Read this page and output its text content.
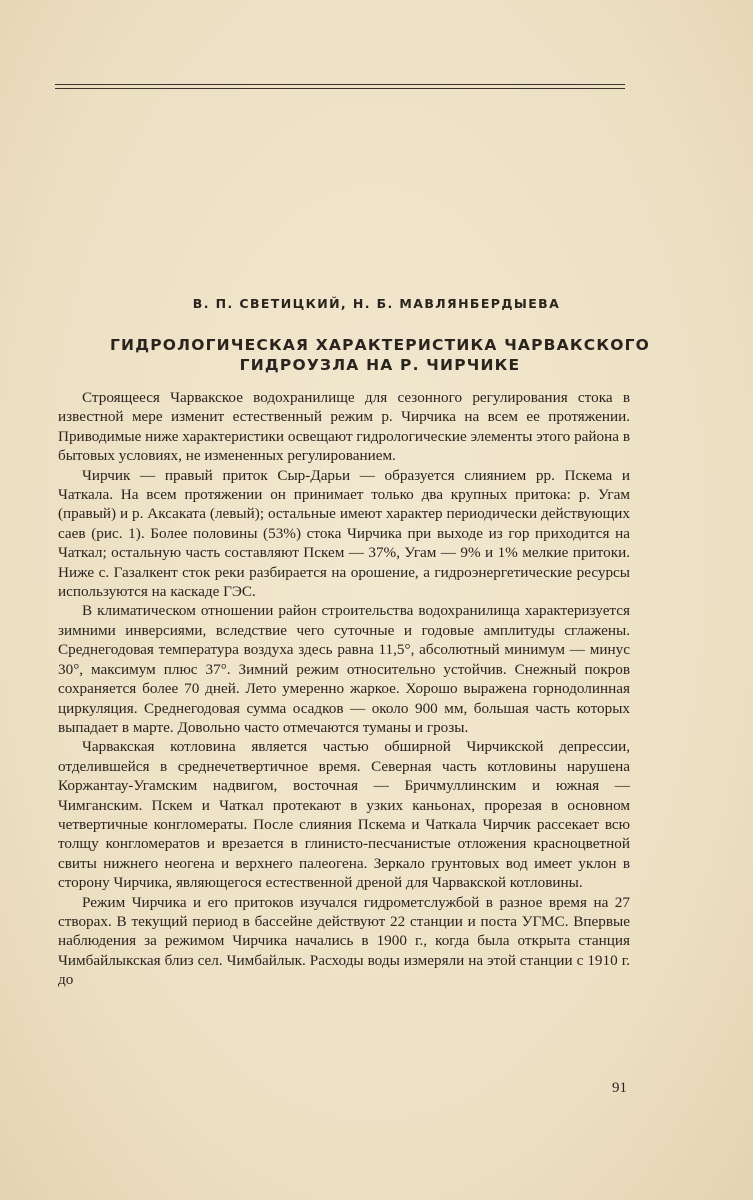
В. П. СВЕТИЦКИЙ, Н. Б. МАВЛЯНБЕРДЫЕВА
ГИДРОЛОГИЧЕСКАЯ ХАРАКТЕРИСТИКА ЧАРВАКСКОГО
ГИДРОУЗЛА НА Р. ЧИРЧИКЕ

Строящееся Чарвакское водохранилище для сезонного регулирования стока в известной мере изменит естественный режим р. Чирчика на всем ее протяжении. Приводимые ниже характеристики освещают гидрологические элементы этого района в бытовых условиях, не измененных регулированием.

Чирчик — правый приток Сыр-Дарьи — образуется слиянием рр. Пскема и Чаткала. На всем протяжении он принимает только два крупных притока: р. Угам (правый) и р. Аксаката (левый); остальные имеют характер периодически действующих саев (рис. 1). Более половины (53%) стока Чирчика при выходе из гор приходится на Чаткал; остальную часть составляют Пскем — 37%, Угам — 9% и 1% мелкие притоки. Ниже с. Газалкент сток реки разбирается на орошение, а гидроэнергетические ресурсы используются на каскаде ГЭС.

В климатическом отношении район строительства водохранилища характеризуется зимними инверсиями, вследствие чего суточные и годовые амплитуды сглажены. Среднегодовая температура воздуха здесь равна 11,5°, абсолютный минимум — минус 30°, максимум плюс 37°. Зимний режим относительно устойчив. Снежный покров сохраняется более 70 дней. Лето умеренно жаркое. Хорошо выражена горнодолинная циркуляция. Среднегодовая сумма осадков — около 900 мм, большая часть которых выпадает в марте. Довольно часто отмечаются туманы и грозы.

Чарвакская котловина является частью обширной Чирчикской депрессии, отделившейся в среднечетвертичное время. Северная часть котловины нарушена Коржантау-Угамским надвигом, восточная — Бричмуллинским и южная — Чимганским. Пскем и Чаткал протекают в узких каньонах, прорезая в основном четвертичные конгломераты. После слияния Пскема и Чаткала Чирчик рассекает всю толщу конгломератов и врезается в глинисто-песчанистые отложения красноцветной свиты нижнего неогена и верхнего палеогена. Зеркало грунтовых вод имеет уклон в сторону Чирчика, являющегося естественной дреной для Чарвакской котловины.

Режим Чирчика и его притоков изучался гидрометслужбой в разное время на 27 створах. В текущий период в бассейне действуют 22 станции и поста УГМС. Впервые наблюдения за режимом Чирчика начались в 1900 г., когда была открыта станция Чимбайлыкская близ сел. Чимбайлык. Расходы воды измеряли на этой станции с 1910 г. до

91
